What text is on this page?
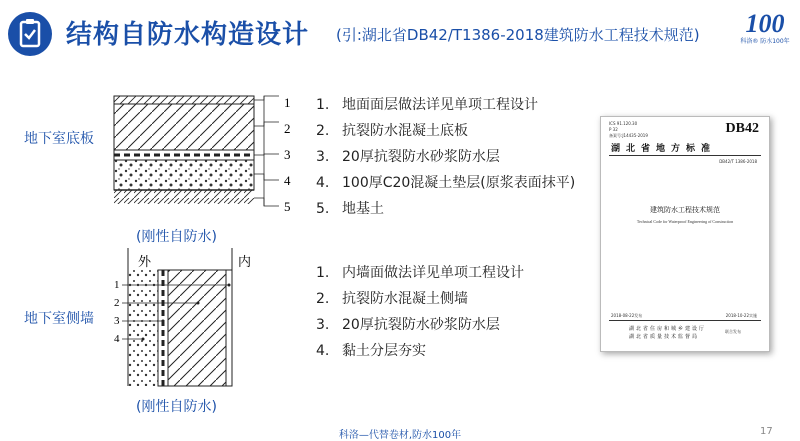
结构自防水构造设计 (引:湖北省DB42/T1386-2018建筑防水工程技术规范) 100
科洛® 防水100年
地下室底板
1
2
3
4
5
(刚性自防水)
1. 地面面层做法详见单项工程设计
2. 抗裂防水混凝土底板
3. 20厚抗裂防水砂浆防水层
4. 100厚C20混凝土垫层(原浆表面抹平)
5. 地基土
地下室侧墙
外	内
1
2
3
4
(刚性自防水)
1. 内墙面做法详见单项工程设计
2. 抗裂防水混凝土侧墙
3. 20厚抗裂防水砂浆防水层
4. 黏土分层夯实
ICS 91.120.30
P 32
备案号:J14435-2019	DB42
湖北省地方标准
DB42/T 1386-2018
建筑防水工程技术规范
Technical Code for Waterproof Engineering of Construction
2018-08-22发布	2018-10-22实施
湖北省住房和城乡建设厅
湖北省质量技术监督局
联合发布
科洛—代替卷材,防水100年	17
